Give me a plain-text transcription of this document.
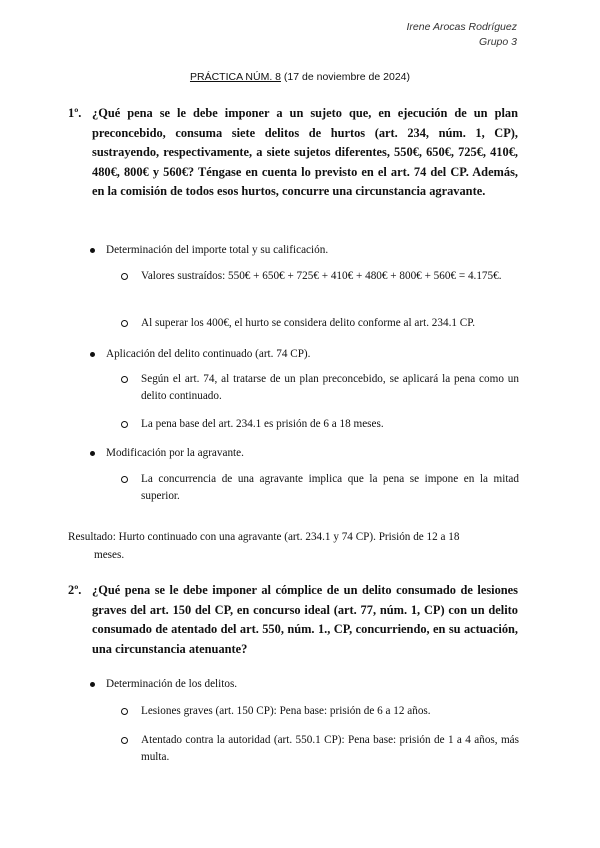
Irene Arocas Rodríguez
Grupo 3
PRÁCTICA NÚM. 8 (17 de noviembre de 2024)
1º. ¿Qué pena se le debe imponer a un sujeto que, en ejecución de un plan preconcebido, consuma siete delitos de hurtos (art. 234, núm. 1, CP), sustrayendo, respectivamente, a siete sujetos diferentes, 550€, 650€, 725€, 410€, 480€, 800€ y 560€? Téngase en cuenta lo previsto en el art. 74 del CP. Además, en la comisión de todos esos hurtos, concurre una circunstancia agravante.
Determinación del importe total y su calificación.
Valores sustraídos: 550€ + 650€ + 725€ + 410€ + 480€ + 800€ + 560€ = 4.175€.
Al superar los 400€, el hurto se considera delito conforme al art. 234.1 CP.
Aplicación del delito continuado (art. 74 CP).
Según el art. 74, al tratarse de un plan preconcebido, se aplicará la pena como un delito continuado.
La pena base del art. 234.1 es prisión de 6 a 18 meses.
Modificación por la agravante.
La concurrencia de una agravante implica que la pena se impone en la mitad superior.
Resultado: Hurto continuado con una agravante (art. 234.1 y 74 CP). Prisión de 12 a 18
meses.
2º. ¿Qué pena se le debe imponer al cómplice de un delito consumado de lesiones graves del art. 150 del CP, en concurso ideal (art. 77, núm. 1, CP) con un delito consumado de atentado del art. 550, núm. 1., CP, concurriendo, en su actuación, una circunstancia atenuante?
Determinación de los delitos.
Lesiones graves (art. 150 CP): Pena base: prisión de 6 a 12 años.
Atentado contra la autoridad (art. 550.1 CP): Pena base: prisión de 1 a 4 años, más multa.
